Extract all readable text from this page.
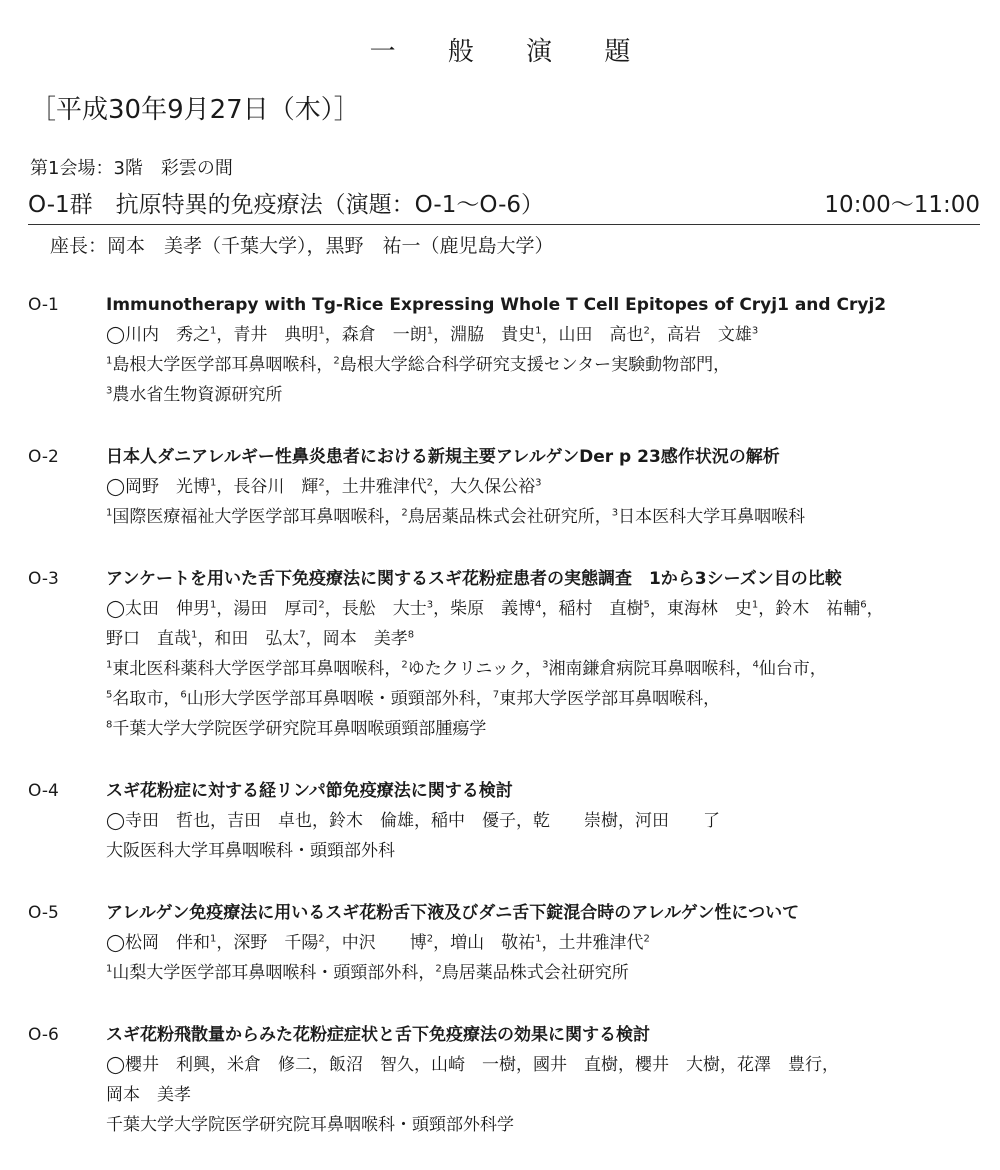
一 般 演 題
［平成30年9月27日（木）］
第1会場：3階　彩雲の間
O-1群　抗原特異的免疫療法（演題：O-1〜O-6）	10:00〜11:00
座長：岡本　美孝（千葉大学），黒野　祐一（鹿児島大学）
O-1	Immunotherapy with Tg-Rice Expressing Whole T Cell Epitopes of Cryj1 and Cryj2
◯川内　秀之$^1$，青井　典明$^1$，森倉　一朗$^1$，淵脇　貴史$^1$，山田　高也$^2$，高岩　文雄$^3$
$^1$島根大学医学部耳鼻咽喉科，$^2$島根大学総合科学研究支援センター実験動物部門，
$^3$農水省生物資源研究所
O-2	日本人ダニアレルギー性鼻炎患者における新規主要アレルゲンDer p 23感作状況の解析
◯岡野　光博$^1$，長谷川　輝$^2$，土井雅津代$^2$，大久保公裕$^3$
$^1$国際医療福祉大学医学部耳鼻咽喉科，$^2$鳥居薬品株式会社研究所，$^3$日本医科大学耳鼻咽喉科
O-3	アンケートを用いた舌下免疫療法に関するスギ花粉症患者の実態調査　1から3シーズン目の比較
◯太田　伸男$^1$，湯田　厚司$^2$，長舩　大士$^3$，柴原　義博$^4$，稲村　直樹$^5$，東海林　史$^1$，鈴木　祐輔$^6$，
野口　直哉$^1$，和田　弘太$^7$，岡本　美孝$^8$
$^1$東北医科薬科大学医学部耳鼻咽喉科，$^2$ゆたクリニック，$^3$湘南鎌倉病院耳鼻咽喉科，$^4$仙台市，
$^5$名取市，$^6$山形大学医学部耳鼻咽喉・頭頸部外科，$^7$東邦大学医学部耳鼻咽喉科，
$^8$千葉大学大学院医学研究院耳鼻咽喉頭頸部腫瘍学
O-4	スギ花粉症に対する経リンパ節免疫療法に関する検討
◯寺田　哲也，吉田　卓也，鈴木　倫雄，稲中　優子，乾　　崇樹，河田　　了
大阪医科大学耳鼻咽喉科・頭頸部外科
O-5	アレルゲン免疫療法に用いるスギ花粉舌下液及びダニ舌下錠混合時のアレルゲン性について
◯松岡　伴和$^1$，深野　千陽$^2$，中沢　　博$^2$，増山　敬祐$^1$，土井雅津代$^2$
$^1$山梨大学医学部耳鼻咽喉科・頭頸部外科，$^2$鳥居薬品株式会社研究所
O-6	スギ花粉飛散量からみた花粉症症状と舌下免疫療法の効果に関する検討
◯櫻井　利興，米倉　修二，飯沼　智久，山崎　一樹，國井　直樹，櫻井　大樹，花澤　豊行，
岡本　美孝
千葉大学大学院医学研究院耳鼻咽喉科・頭頸部外科学
